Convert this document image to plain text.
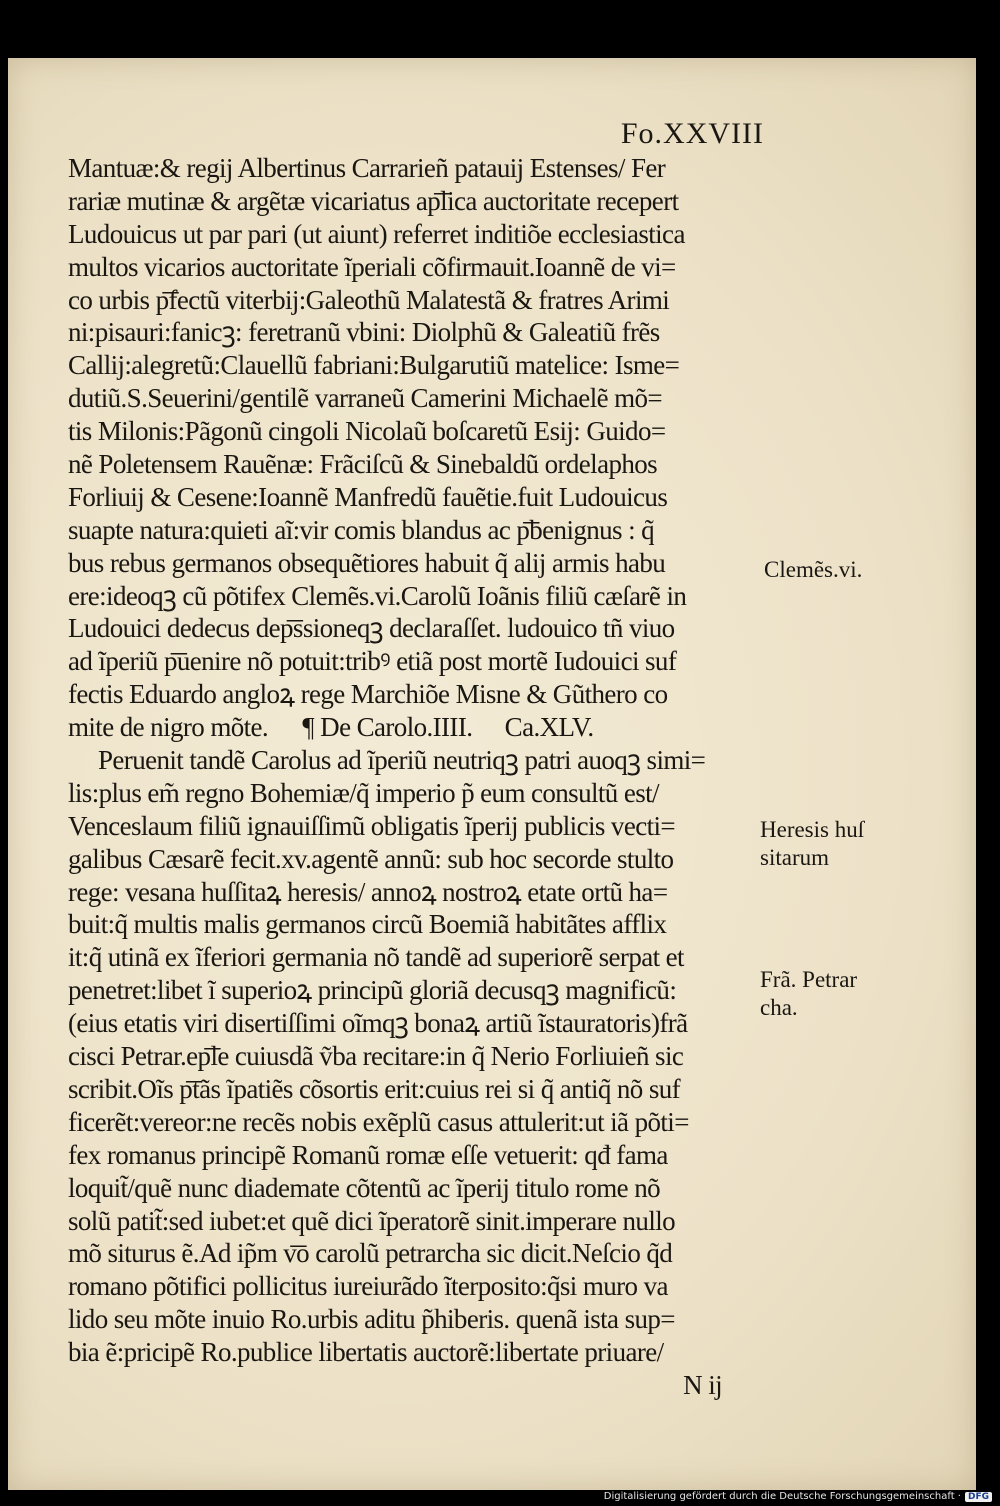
Fo.XXVIII
Mantuæ:& regij Albertinus Carrarieñ patauij Estenses/ Fer
rariæ mutinæ & argẽtæ vicariatus ap͞lica auctoritate recepert
Ludouicus ut par pari (ut aiunt) referret inditiõe ecclesiastica
multos vicarios auctoritate ĩperiali cõfirmauit.Ioannẽ de vi=
co urbis p͞fectũ viterbij:Galeothũ Malatestã & fratres Arimi
ni:pisauri:fanicꝫ: feretranũ vbini: Diolphũ & Galeatiũ frẽs
Callij:alegretũ:Clauellũ fabriani:Bulgarutiũ matelice: Isme=
dutiũ.S.Seuerini/gentilẽ varraneũ Camerini Michaelẽ mõ=
tis Milonis:Pãgonũ cingoli Nicolaũ boſcaretũ Esij: Guido=
nẽ Poletensem Rauẽnæ: Frãciſcũ & Sinebaldũ ordelaphos
Forliuij & Cesene:Ioannẽ Manfredũ fauẽtie.fuit Ludouicus
suapte natura:quieti aĩ:vir comis blandus ac p͞benignus : q̃
bus rebus germanos obsequẽtiores habuit q̃ alij armis habu
ere:ideoqꝫ cũ põtifex Clemẽs.vi.Carolũ Ioãnis filiũ cæſarẽ in
Ludouici dedecus dep͞ssioneqꝫ declaraſſet. ludouico tñ viuo
ad ĩperiũ p͞uenire nõ potuit:tribꝰ etiã post mortẽ Iudouici suf
fectis Eduardo angloꝝ rege Marchiõe Misne & Gũthero co
mite de nigro mõte. ¶ De Carolo.IIII. Ca.XLV.
Peruenit tandẽ Carolus ad ĩperiũ neutriqꝫ patri auoqꝫ simi=
lis:plus em̃ regno Bohemiæ/q̃ imperio p̃ eum consultũ est/
Venceslaum filiũ ignauiſſimũ obligatis ĩperij publicis vecti=
galibus Cæsarẽ fecit.xv.agentẽ annũ: sub hoc secorde stulto
rege: vesana huſſitaꝝ heresis/ annoꝝ nostroꝝ etate ortũ ha=
buit:q̃ multis malis germanos circũ Boemiã habitãtes afflix
it:q̃ utinã ex ĩferiori germania nõ tandẽ ad superiorẽ serpat et
penetret:libet ĩ superioꝝ principũ gloriã decusqꝫ magnificũ:
(eius etatis viri disertiſſimi oĩmqꝫ bonaꝝ artiũ ĩstauratoris)frã
cisci Petrar.ep͞le cuiusdã ṽba recitare:in q̃ Nerio Forliuieñ sic
scribit.Oĩs p͞tãs ĩpatiẽs cõsortis erit:cuius rei si q̃ antiq̃ nõ suf
ficerẽt:vereor:ne recẽs nobis exẽplũ casus attulerit:ut iã põti=
fex romanus principẽ Romanũ romæ eſſe vetuerit: qđ fama
loquit̃/quẽ nunc diademate cõtentũ ac ĩperij titulo rome nõ
solũ patit̃:sed iubet:et quẽ dici ĩperatorẽ sinit.imperare nullo
mõ siturus ẽ.Ad ip̃m v͞o carolũ petrarcha sic dicit.Neſcio q̃d
romano põtifici pollicitus iureiurãdo ĩterposito:q̃si muro va
lido seu mõte inuio Ro.urbis aditu p̃hiberis. quenã ista sup=
bia ẽ:pricipẽ Ro.publice libertatis auctorẽ:libertate priuare/
N ij
Clemẽs.vi.
Heresis huſ
sitarum
Frã. Petrar
cha.
Digitalisierung gefördert durch die Deutsche Forschungsgemeinschaft · DFG
